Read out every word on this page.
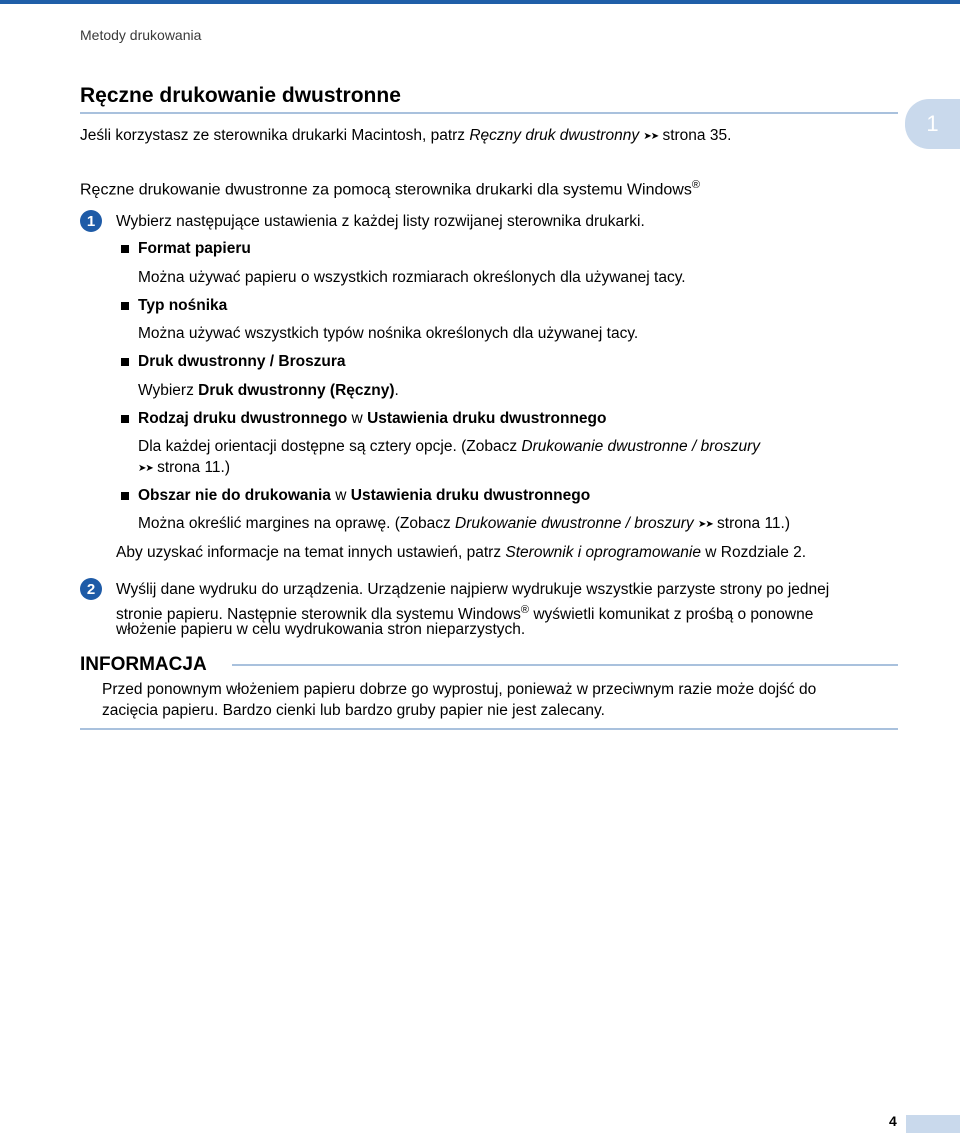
Metody drukowania
Ręczne drukowanie dwustronne
1
Jeśli korzystasz ze sterownika drukarki Macintosh, patrz Ręczny druk dwustronny ➤➤ strona 35.
Ręczne drukowanie dwustronne za pomocą sterownika drukarki dla systemu Windows®
1	Wybierz następujące ustawienia z każdej listy rozwijanej sterownika drukarki.
Format papieru
Można używać papieru o wszystkich rozmiarach określonych dla używanej tacy.
Typ nośnika
Można używać wszystkich typów nośnika określonych dla używanej tacy.
Druk dwustronny / Broszura
Wybierz Druk dwustronny (Ręczny).
Rodzaj druku dwustronnego w Ustawienia druku dwustronnego
Dla każdej orientacji dostępne są cztery opcje. (Zobacz Drukowanie dwustronne / broszury
➤➤ strona 11.)
Obszar nie do drukowania w Ustawienia druku dwustronnego
Można określić margines na oprawę. (Zobacz Drukowanie dwustronne / broszury ➤➤ strona 11.)
Aby uzyskać informacje na temat innych ustawień, patrz Sterownik i oprogramowanie w Rozdziale 2.
2	Wyślij dane wydruku do urządzenia. Urządzenie najpierw wydrukuje wszystkie parzyste strony po jednej
stronie papieru. Następnie sterownik dla systemu Windows® wyświetli komunikat z prośbą o ponowne
włożenie papieru w celu wydrukowania stron nieparzystych.
INFORMACJA
Przed ponownym włożeniem papieru dobrze go wyprostuj, ponieważ w przeciwnym razie może dojść do
zacięcia papieru. Bardzo cienki lub bardzo gruby papier nie jest zalecany.
4
